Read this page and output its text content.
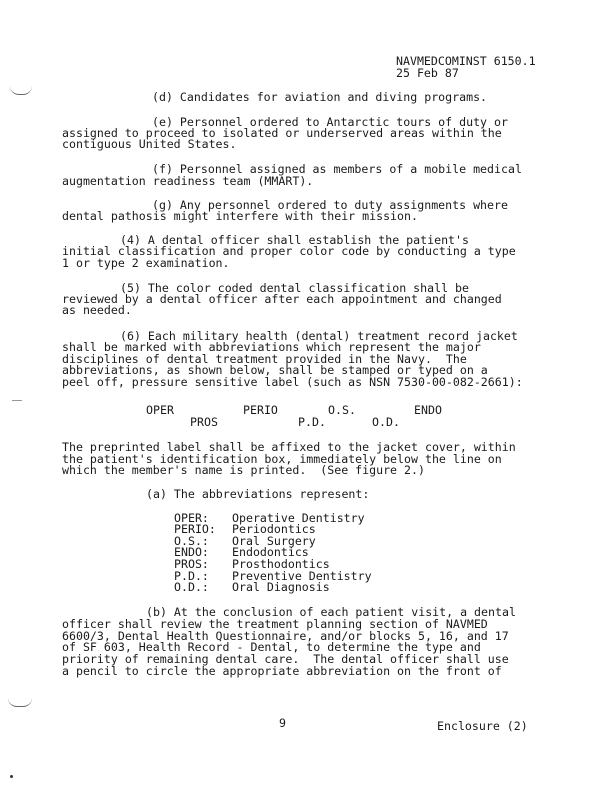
NAVMEDCOMINST 6150.1
25 Feb 87
(d) Candidates for aviation and diving programs.
(e) Personnel ordered to Antarctic tours of duty or
assigned to proceed to isolated or underserved areas within the
contiguous United States.
(f) Personnel assigned as members of a mobile medical
augmentation readiness team (MMART).
(g) Any personnel ordered to duty assignments where
dental pathosis might interfere with their mission.
(4) A dental officer shall establish the patient's
initial classification and proper color code by conducting a type
1 or type 2 examination.
(5) The color coded dental classification shall be
reviewed by a dental officer after each appointment and changed
as needed.
(6) Each military health (dental) treatment record jacket
shall be marked with abbreviations which represent the major
disciplines of dental treatment provided in the Navy.  The
abbreviations, as shown below, shall be stamped or typed on a
peel off, pressure sensitive label (such as NSN 7530-00-082-2661):
OPER	PERIO	O.S.	ENDO
PROS	P.D.	O.D.
The preprinted label shall be affixed to the jacket cover, within
the patient's identification box, immediately below the line on
which the member's name is printed.  (See figure 2.)
(a) The abbreviations represent:
OPER: Operative Dentistry
PERIO: Periodontics
O.S.: Oral Surgery
ENDO: Endodontics
PROS: Prosthodontics
P.D.: Preventive Dentistry
O.D.: Oral Diagnosis
(b) At the conclusion of each patient visit, a dental
officer shall review the treatment planning section of NAVMED
6600/3, Dental Health Questionnaire, and/or blocks 5, 16, and 17
of SF 603, Health Record - Dental, to determine the type and
priority of remaining dental care.  The dental officer shall use
a pencil to circle the appropriate abbreviation on the front of
9	Enclosure (2)
